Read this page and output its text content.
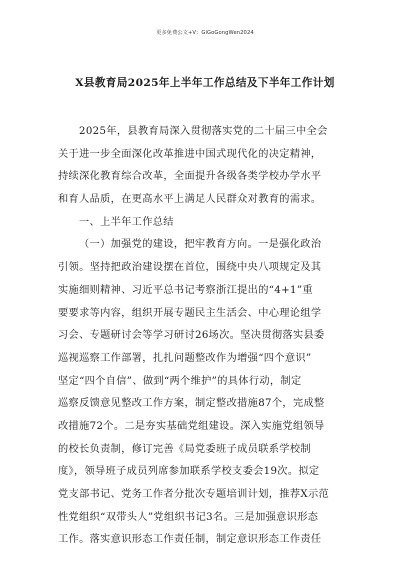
更多免费公文+V：GiGoGongWen2024
X县教育局2025年上半年工作总结及下半年工作计划
2025年，县教育局深入贯彻落实党的二十届三中全会
关于进一步全面深化改革推进中国式现代化的决定精神，
持续深化教育综合改革，全面提升各级各类学校办学水平
和育人品质，在更高水平上满足人民群众对教育的需求。
一、上半年工作总结
（一）加强党的建设，把牢教育方向。一是强化政治
引领。坚持把政治建设摆在首位，围绕中央八项规定及其
实施细则精神、习近平总书记考察浙江提出的“4+1”重
要要求等内容，组织开展专题民主生活会、中心理论组学
习会、专题研讨会等学习研讨26场次。坚决贯彻落实县委
巡视巡察工作部署，扎扎问题整改作为增强“四个意识”
坚定“四个自信”、做到“两个维护”的具体行动，制定
巡察反馈意见整改工作方案，制定整改措施87个，完成整
改措施72个。二是夯实基础党组建设。深入实施党组领导
的校长负责制，修订完善《局党委班子成员联系学校制
度》，领导班子成员列席参加联系学校支委会19次。拟定
党支部书记、党务工作者分批次专题培训计划，推荐X示范
性党组织“双带头人”党组织书记3名。三是加强意识形态
工作。落实意识形态工作责任制，制定意识形态工作责任
